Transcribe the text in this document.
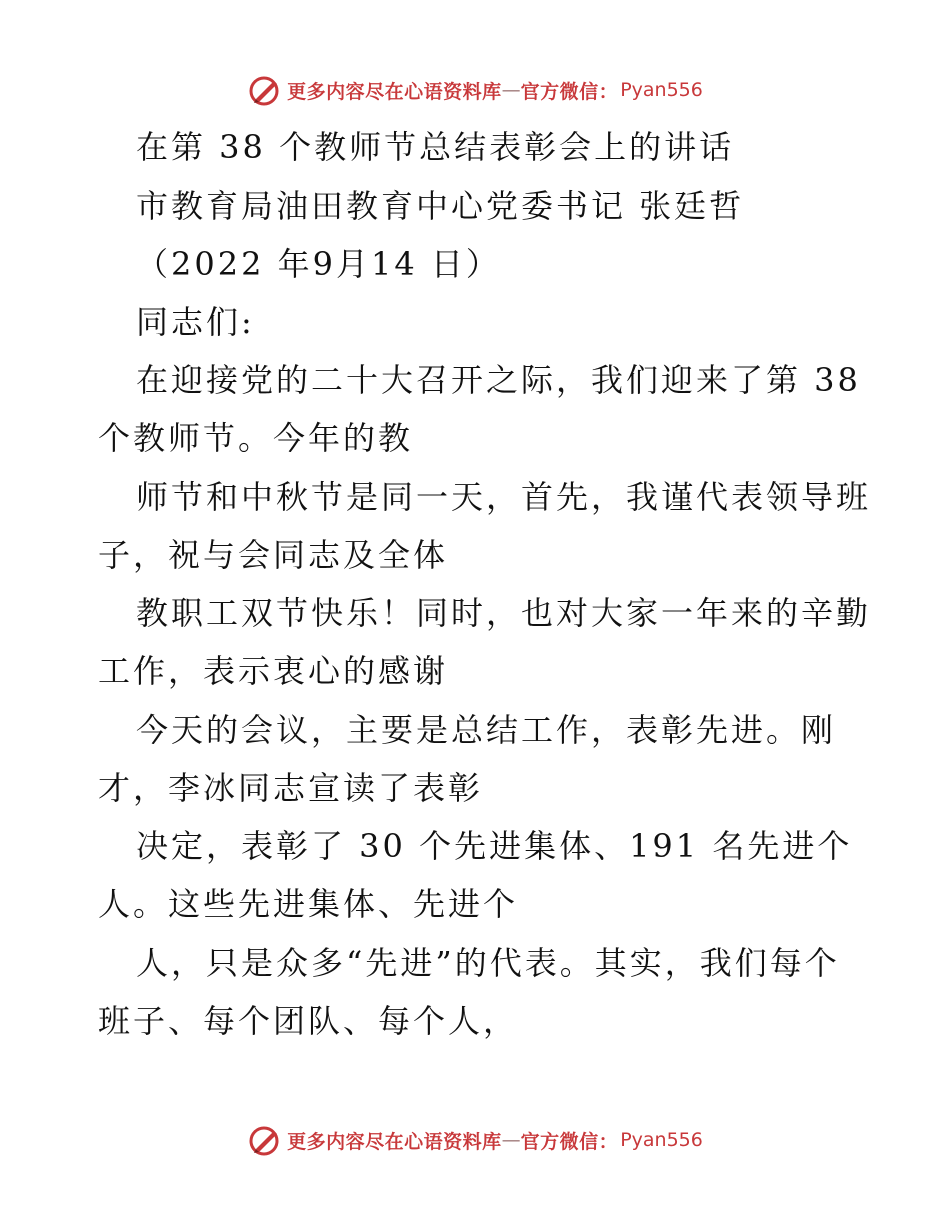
更多内容尽在心语资料库 — 官方微信： Pyan556
在第 38 个教师节总结表彰会上的讲话
市教育局油田教育中心党委书记 张廷哲
（2022 年9月14 日）
同志们:
在迎接党的二十大召开之际，我们迎来了第 38
个教师节。今年的教
师节和中秋节是同一天，首先，我谨代表领导班
子，祝与会同志及全体
教职工双节快乐！同时，也对大家一年来的辛勤
工作，表示衷心的感谢
今天的会议，主要是总结工作，表彰先进。刚
才，李冰同志宣读了表彰
决定，表彰了 30 个先进集体、191 名先进个
人。这些先进集体、先进个
人，只是众多“先进”的代表。其实，我们每个
班子、每个团队、每个人，
更多内容尽在心语资料库 — 官方微信： Pyan556
